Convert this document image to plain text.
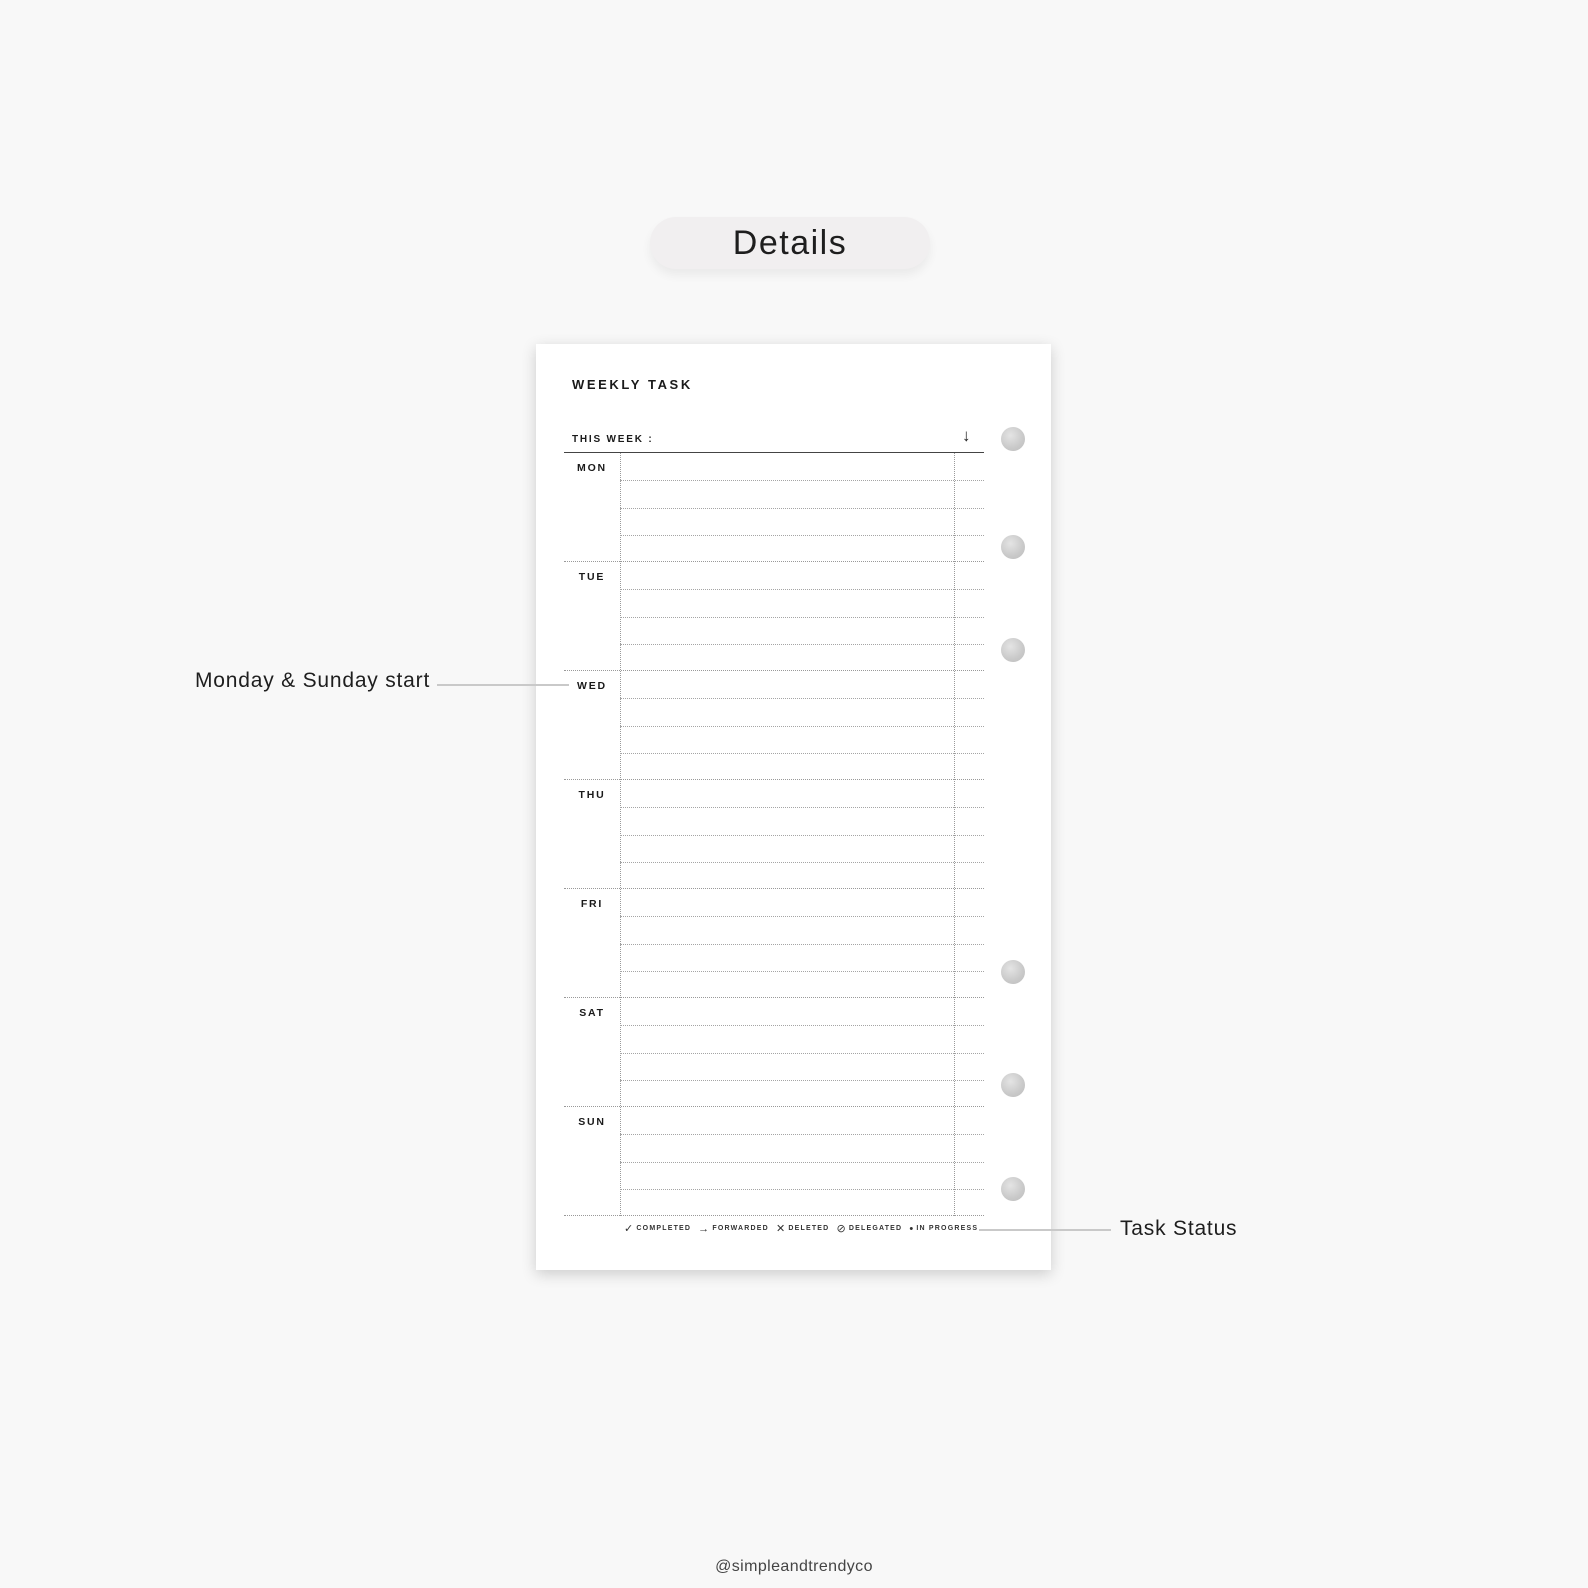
Details
WEEKLY TASK
THIS WEEK :	↓
MON
TUE
WED
THU
FRI
SAT
SUN
✓ COMPLETED → FORWARDED ✕ DELETED ⊘ DELEGATED • IN PROGRESS
Monday & Sunday start
Task Status
@simpleandtrendyco
